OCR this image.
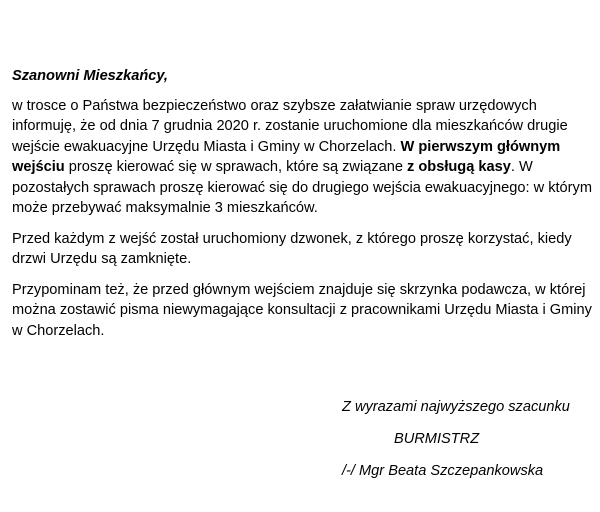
Szanowni Mieszkańcy,

w trosce o Państwa bezpieczeństwo oraz szybsze załatwianie spraw urzędowych informuję, że od dnia 7 grudnia 2020 r. zostanie uruchomione dla mieszkańców drugie wejście ewakuacyjne Urzędu Miasta i Gminy w Chorzelach. W pierwszym głównym wejściu proszę kierować się w sprawach, które są związane z obsługą kasy. W pozostałych sprawach proszę kierować się do drugiego wejścia ewakuacyjnego: w którym może przebywać maksymalnie 3 mieszkańców.

Przed każdym z wejść został uruchomiony dzwonek, z którego proszę korzystać, kiedy drzwi Urzędu są zamknięte.

Przypominam też, że przed głównym wejściem znajduje się skrzynka podawcza, w której można zostawić pisma niewymagające konsultacji z pracownikami Urzędu Miasta i Gminy w Chorzelach.

Z wyrazami najwyższego szacunku
BURMISTRZ
/-/ Mgr Beata Szczepankowska
